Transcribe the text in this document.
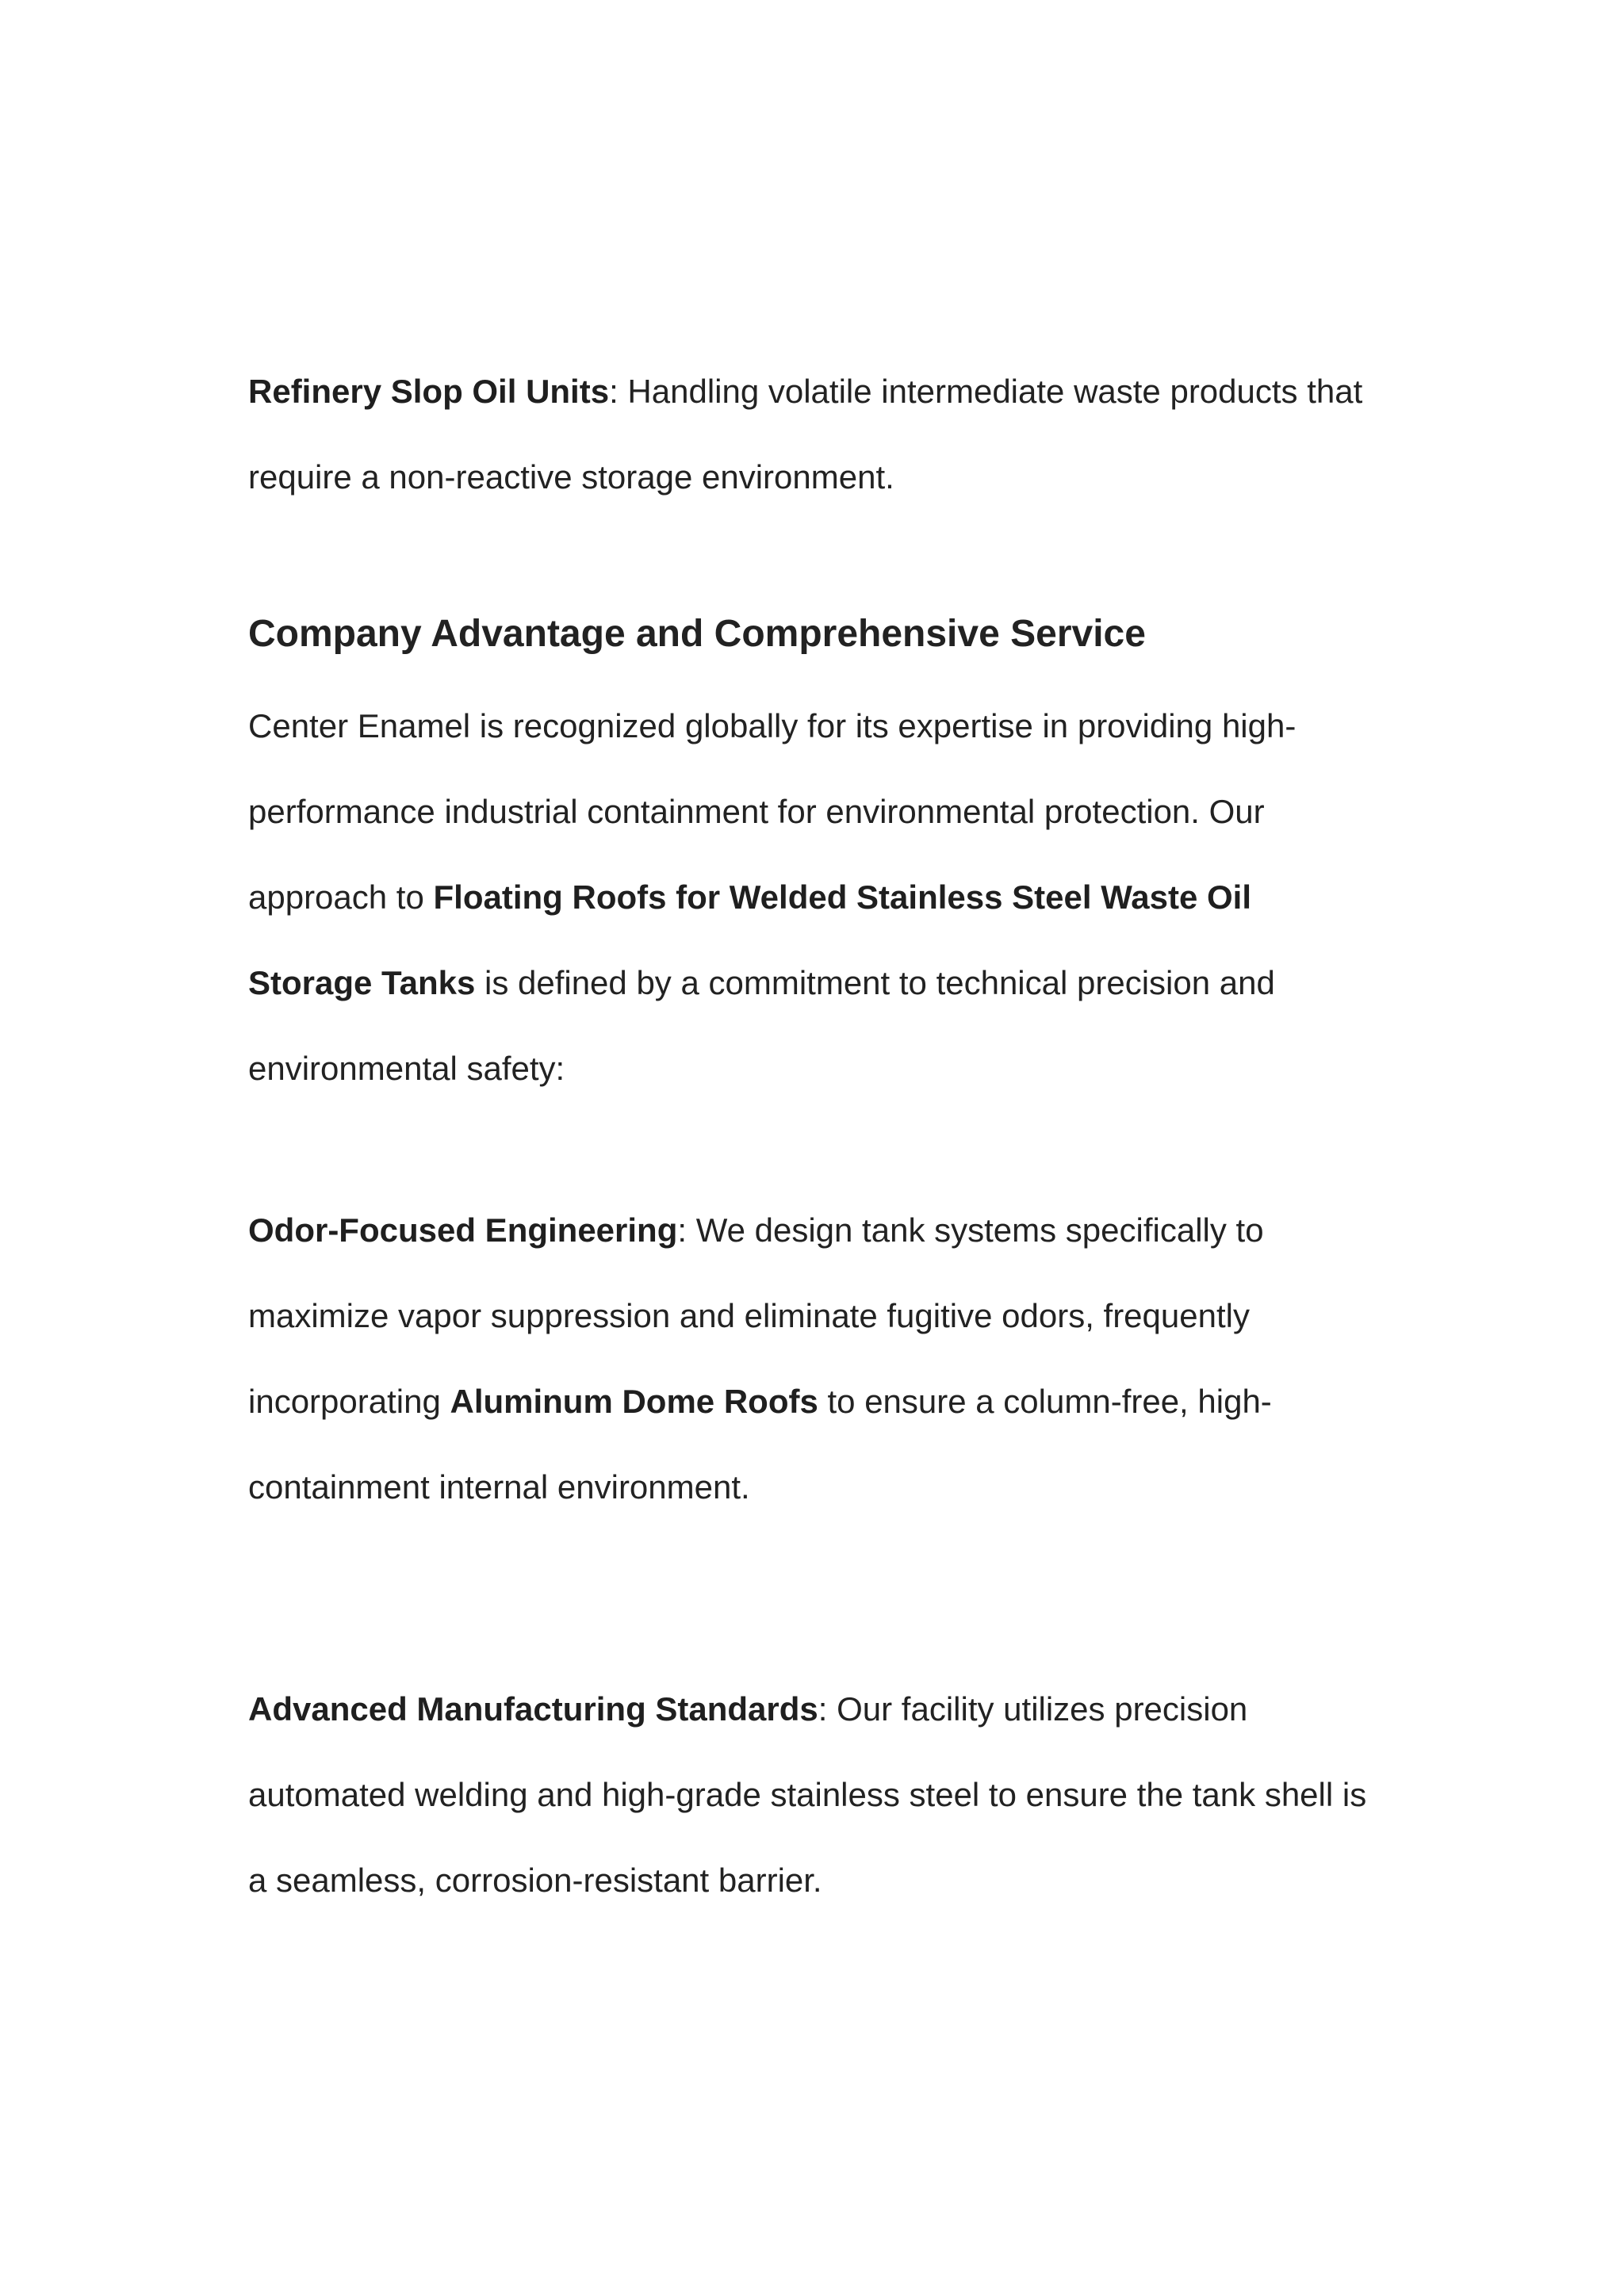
Refinery Slop Oil Units: Handling volatile intermediate waste products that require a non-reactive storage environment.

Company Advantage and Comprehensive Service

Center Enamel is recognized globally for its expertise in providing high-performance industrial containment for environmental protection. Our approach to Floating Roofs for Welded Stainless Steel Waste Oil Storage Tanks is defined by a commitment to technical precision and environmental safety:

Odor-Focused Engineering: We design tank systems specifically to maximize vapor suppression and eliminate fugitive odors, frequently incorporating Aluminum Dome Roofs to ensure a column-free, high-containment internal environment.

Advanced Manufacturing Standards: Our facility utilizes precision automated welding and high-grade stainless steel to ensure the tank shell is a seamless, corrosion-resistant barrier.
